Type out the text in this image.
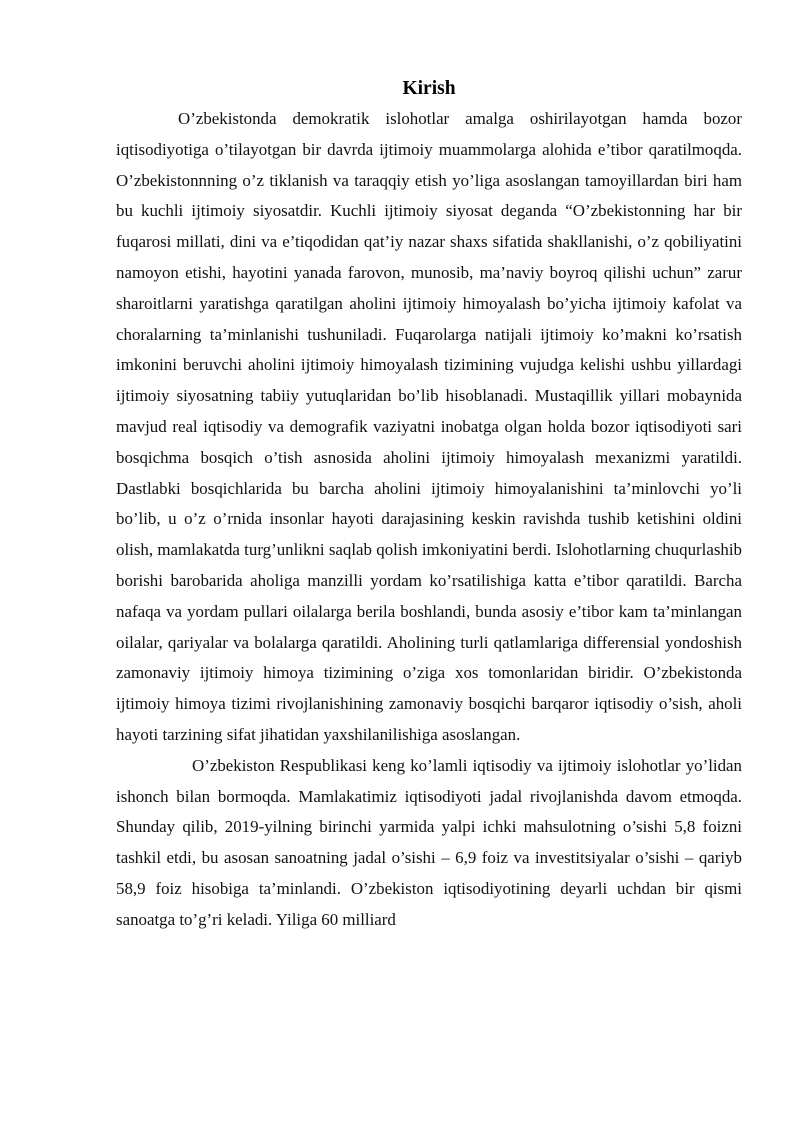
Kirish

O’zbekistonda demokratik islohotlar amalga oshirilayotgan hamda bozor iqtisodiyotiga o’tilayotgan bir davrda ijtimoiy muammolarga alohida e’tibor qaratilmoqda. O’zbekistonnning o’z tiklanish va taraqqiy etish yo’liga asoslangan tamoyillardan biri ham bu kuchli ijtimoiy siyosatdir. Kuchli ijtimoiy siyosat deganda “O’zbekistonning har bir fuqarosi millati, dini va e’tiqodidan qat’iy nazar shaxs sifatida shakllanishi, o’z qobiliyatini namoyon etishi, hayotini yanada farovon, munosib, ma’naviy boyroq qilishi uchun” zarur sharoitlarni yaratishga qaratilgan aholini ijtimoiy himoyalash bo’yicha ijtimoiy kafolat va choralarning ta’minlanishi tushuniladi. Fuqarolarga natijali ijtimoiy ko’makni ko’rsatish imkonini beruvchi aholini ijtimoiy himoyalash tizimining vujudga kelishi ushbu yillardagi ijtimoiy siyosatning tabiiy yutuqlaridan bo’lib hisoblanadi. Mustaqillik yillari mobaynida mavjud real iqtisodiy va demografik vaziyatni inobatga olgan holda bozor iqtisodiyoti sari bosqichma bosqich o’tish asnosida aholini ijtimoiy himoyalash mexanizmi yaratildi. Dastlabki bosqichlarida bu barcha aholini ijtimoiy himoyalanishini ta’minlovchi yo’li bo’lib, u o’z o’rnida insonlar hayoti darajasining keskin ravishda tushib ketishini oldini olish, mamlakatda turg’unlikni saqlab qolish imkoniyatini berdi. Islohotlarning chuqurlashib borishi barobarida aholiga manzilli yordam ko’rsatilishiga katta e’tibor qaratildi. Barcha nafaqa va yordam pullari oilalarga berila boshlandi, bunda asosiy e’tibor kam ta’minlangan oilalar, qariyalar va bolalarga qaratildi. Aholining turli qatlamlariga differensial yondoshish zamonaviy ijtimoiy himoya tizimining o’ziga xos tomonlaridan biridir. O’zbekistonda ijtimoiy himoya tizimi rivojlanishining zamonaviy bosqichi barqaror iqtisodiy o’sish, aholi hayoti tarzining sifat jihatidan yaxshilanilishiga asoslangan.

O’zbekiston Respublikasi keng ko’lamli iqtisodiy va ijtimoiy islohotlar yo’lidan ishonch bilan bormoqda. Mamlakatimiz iqtisodiyoti jadal rivojlanishda davom etmoqda. Shunday qilib, 2019-yilning birinchi yarmida yalpi ichki mahsulotning o’sishi 5,8 foizni tashkil etdi, bu asosan sanoatning jadal o’sishi – 6,9 foiz va investitsiyalar o’sishi – qariyb 58,9 foiz hisobiga ta’minlandi. O’zbekiston iqtisodiyotining deyarli uchdan bir qismi sanoatga to’g’ri keladi. Yiliga 60 milliard
